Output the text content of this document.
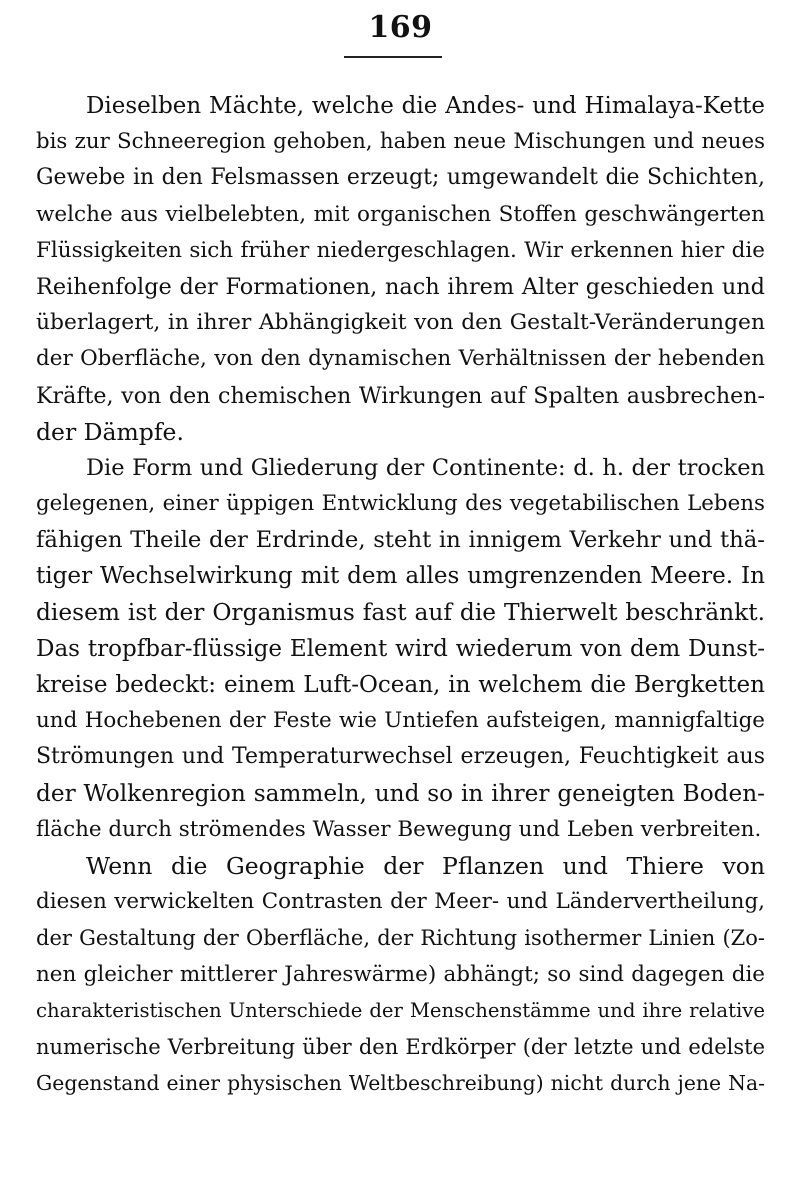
169
Dieselben Mächte, welche die Andes- und Himalaya-Kette
bis zur Schneeregion gehoben, haben neue Mischungen und neues
Gewebe in den Felsmassen erzeugt; umgewandelt die Schichten,
welche aus vielbelebten, mit organischen Stoffen geschwängerten
Flüssigkeiten sich früher niedergeschlagen. Wir erkennen hier die
Reihenfolge der Formationen, nach ihrem Alter geschieden und
überlagert, in ihrer Abhängigkeit von den Gestalt-Veränderungen
der Oberfläche, von den dynamischen Verhältnissen der hebenden
Kräfte, von den chemischen Wirkungen auf Spalten ausbrechen-
der Dämpfe.
Die Form und Gliederung der Continente: d. h. der trocken
gelegenen, einer üppigen Entwicklung des vegetabilischen Lebens
fähigen Theile der Erdrinde, steht in innigem Verkehr und thä-
tiger Wechselwirkung mit dem alles umgrenzenden Meere. In
diesem ist der Organismus fast auf die Thierwelt beschränkt.
Das tropfbar-flüssige Element wird wiederum von dem Dunst-
kreise bedeckt: einem Luft-Ocean, in welchem die Bergketten
und Hochebenen der Feste wie Untiefen aufsteigen, mannigfaltige
Strömungen und Temperaturwechsel erzeugen, Feuchtigkeit aus
der Wolkenregion sammeln, und so in ihrer geneigten Boden-
fläche durch strömendes Wasser Bewegung und Leben verbreiten.
Wenn die Geographie der Pflanzen und Thiere von
diesen verwickelten Contrasten der Meer- und Ländervertheilung,
der Gestaltung der Oberfläche, der Richtung isothermer Linien (Zo-
nen gleicher mittlerer Jahreswärme) abhängt; so sind dagegen die
charakteristischen Unterschiede der Menschenstämme und ihre relative
numerische Verbreitung über den Erdkörper (der letzte und edelste
Gegenstand einer physischen Weltbeschreibung) nicht durch jene Na-
